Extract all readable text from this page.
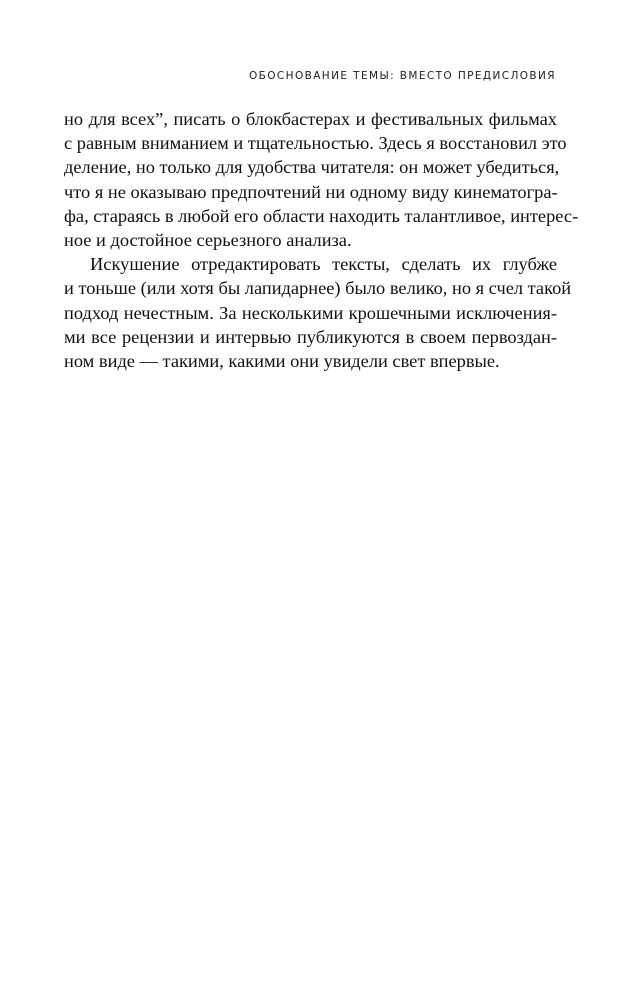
ОБОСНОВАНИЕ ТЕМЫ: ВМЕСТО ПРЕДИСЛОВИЯ
но для всех”, писать о блокбастерах и фестивальных фильмах
с равным вниманием и тщательностью. Здесь я восстановил это
деление, но только для удобства читателя: он может убедиться,
что я не оказываю предпочтений ни одному виду кинематогра-
фа, стараясь в любой его области находить талантливое, интерес-
ное и достойное серьезного анализа.
Искушение отредактировать тексты, сделать их глубже
и тоньше (или хотя бы лапидарнее) было велико, но я счел такой
подход нечестным. За несколькими крошечными исключения-
ми все рецензии и интервью публикуются в своем первоздан-
ном виде — такими, какими они увидели свет впервые.
